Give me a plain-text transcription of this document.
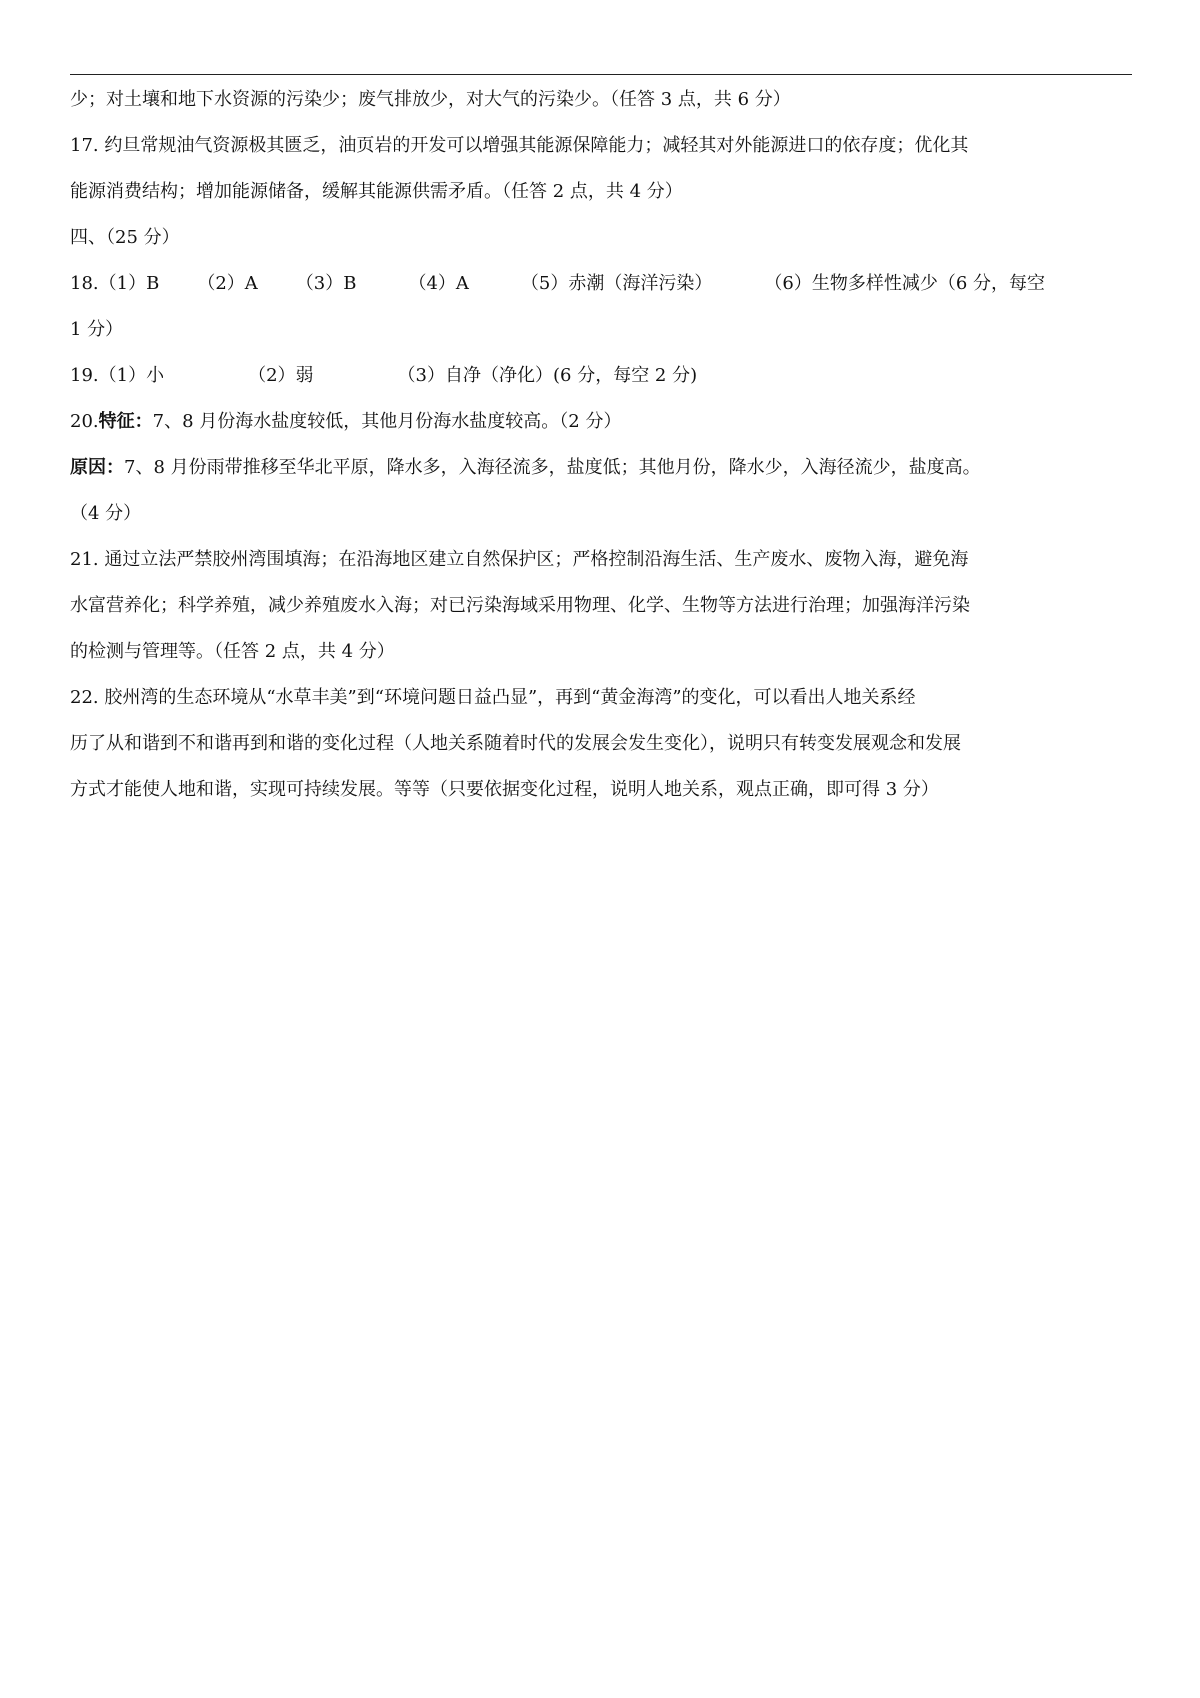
少；对土壤和地下水资源的污染少；废气排放少，对大气的污染少。（任答 3 点，共 6 分）
17. 约旦常规油气资源极其匮乏，油页岩的开发可以增强其能源保障能力；减轻其对外能源进口的依存度；优化其
能源消费结构；增加能源储备，缓解其能源供需矛盾。（任答 2 点，共 4 分）
四、（25 分）
18.（1）B （2）A （3）B	（4）A	（5）赤潮（海洋污染）	（6）生物多样性减少（6 分，每空
1 分）
19.（1）小	（2）弱	（3）自净（净化）(6 分，每空 2 分)
20.特征：7、8 月份海水盐度较低，其他月份海水盐度较高。（2 分）
原因：7、8 月份雨带推移至华北平原，降水多，入海径流多，盐度低；其他月份，降水少，入海径流少，盐度高。
（4 分）
21. 通过立法严禁胶州湾围填海；在沿海地区建立自然保护区；严格控制沿海生活、生产废水、废物入海，避免海
水富营养化；科学养殖，减少养殖废水入海；对已污染海域采用物理、化学、生物等方法进行治理；加强海洋污染
的检测与管理等。（任答 2 点，共 4 分）
22. 胶州湾的生态环境从“水草丰美”到“环境问题日益凸显”，再到“黄金海湾”的变化，可以看出人地关系经
历了从和谐到不和谐再到和谐的变化过程（人地关系随着时代的发展会发生变化），说明只有转变发展观念和发展
方式才能使人地和谐，实现可持续发展。等等（只要依据变化过程，说明人地关系，观点正确，即可得 3 分）
